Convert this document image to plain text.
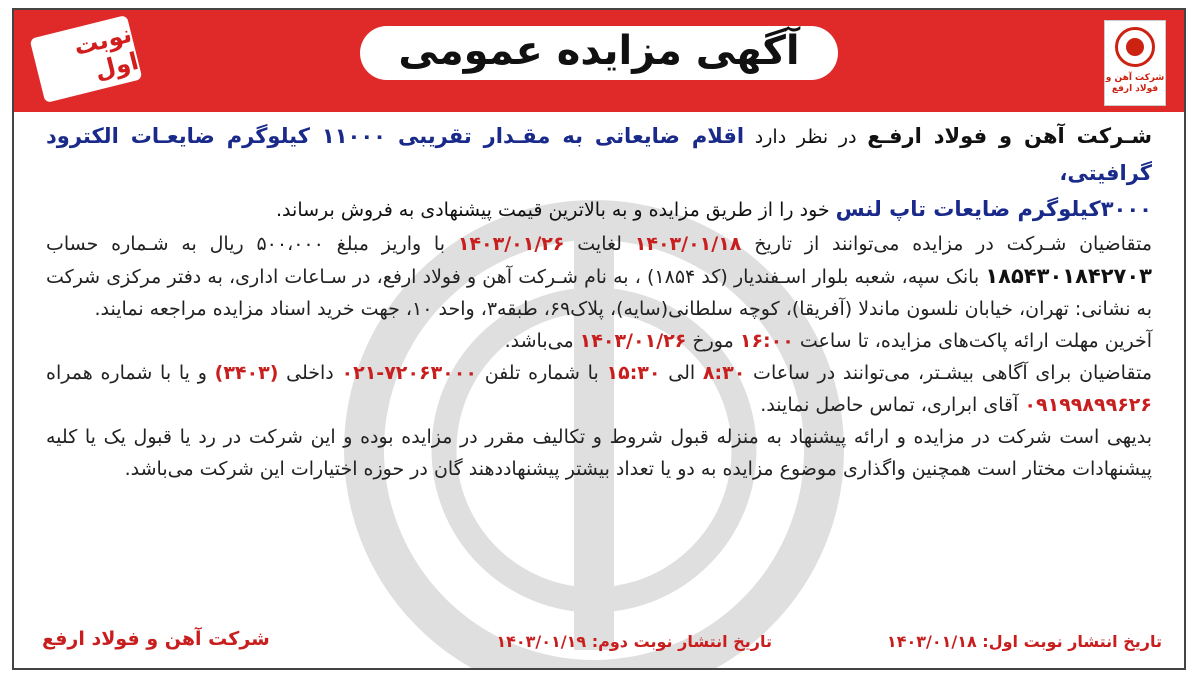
آگهی مزایده عمومی
شرکت آهن و فولاد ارفع
نوبت اول

شـرکت آهن و فولاد ارفـع در نظر دارد اقلام ضایعاتی به مقـدار تقریبی ۱۱۰۰۰ کیلوگرم ضایعـات الکترود گرافیتی،
۳۰۰۰کیلوگرم ضایعات تاپ لنس خود را از طریق مزایده و به بالاترین قیمت پیشنهادی به فروش برساند.

متقاضیان شـرکت در مزایده می‌توانند از تاریخ ۱۴۰۳/۰۱/۱۸ لغایت ۱۴۰۳/۰۱/۲۶ با واریز مبلغ ۵۰۰،۰۰۰ ریال به شـماره حساب ۱۸۵۴۳۰۱۸۴۲۷۰۳ بانک سپه، شعبه بلوار اسـفندیار (کد ۱۸۵۴) ، به نام شـرکت آهن و فولاد ارفع، در سـاعات اداری، به دفتر مرکزی شرکت به نشانی: تهران، خیابان نلسون ماندلا (آفریقا)، کوچه سلطانی(سایه)، پلاک۶۹، طبقه۳، واحد ۱۰، جهت خرید اسناد مزایده مراجعه نمایند.

آخرین مهلت ارائه پاکت‌های مزایده، تا ساعت ۱۶:۰۰ مورخ ۱۴۰۳/۰۱/۲۶ می‌باشد.

متقاضیان برای آگاهی بیشـتر، می‌توانند در ساعات ۸:۳۰ الی ۱۵:۳۰ با شماره تلفن ۷۲۰۶۳۰۰۰-۰۲۱ داخلی (۳۴۰۳) و یا با شماره همراه ۰۹۱۹۹۸۹۹۶۲۶ آقای ابراری، تماس حاصل نمایند.

بدیهی است شرکت در مزایده و ارائه پیشنهاد به منزله قبول شروط و تکالیف مقرر در مزایده بوده و این شرکت در رد یا قبول یک یا کلیه پیشنهادات مختار است همچنین واگذاری موضوع مزایده به دو یا تعداد بیشتر پیشنهاددهند گان در حوزه اختیارات این شرکت می‌باشد.

تاریخ انتشار نوبت اول: ۱۴۰۳/۰۱/۱۸
تاریخ انتشار نوبت دوم: ۱۴۰۳/۰۱/۱۹
شرکت آهن و فولاد ارفع
